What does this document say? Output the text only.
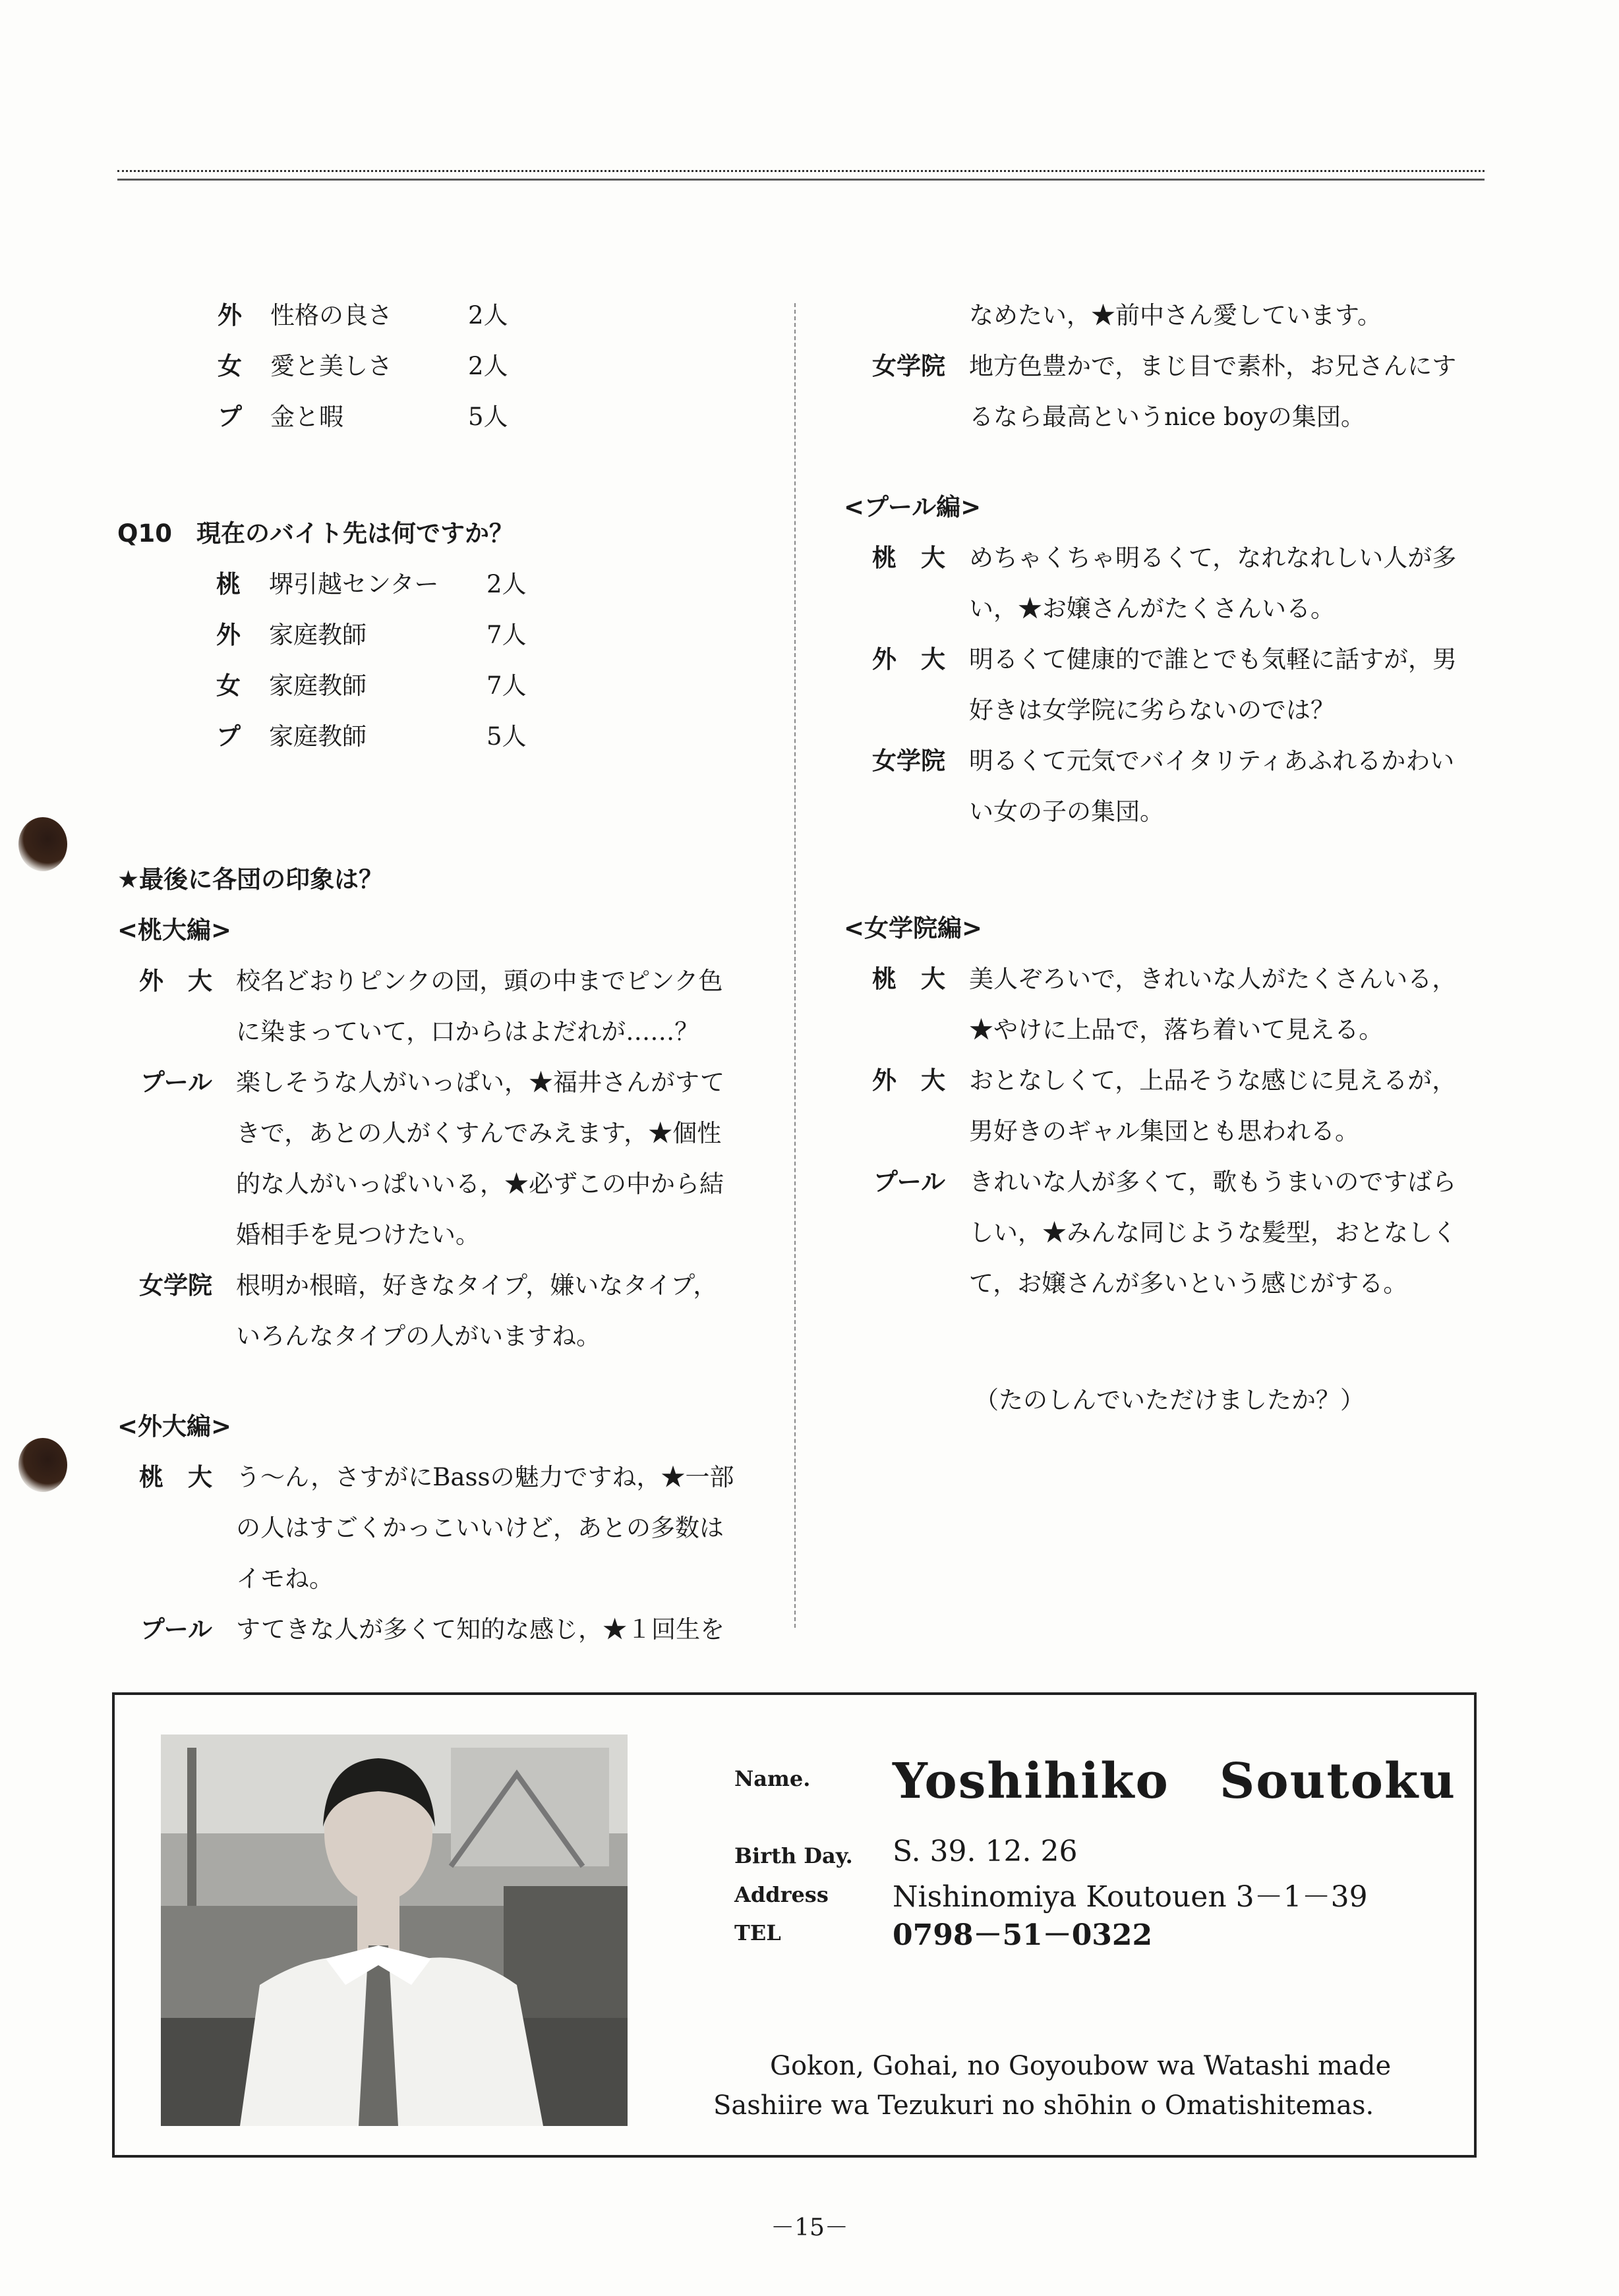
外	性格の良さ	2人
女	愛と美しさ	2人
プ	金と暇	5人
Q10　現在のバイト先は何ですか？
桃	堺引越センター	2人
外	家庭教師	7人
女	家庭教師	7人
プ	家庭教師	5人
★最後に各団の印象は？
<桃大編>
外　大 校名どおりピンクの団，頭の中までピンク色
に染まっていて，口からはよだれが……？
プール 楽しそうな人がいっぱい，★福井さんがすて
きで，あとの人がくすんでみえます，★個性
的な人がいっぱいいる，★必ずこの中から結
婚相手を見つけたい。
女学院 根明か根暗，好きなタイプ，嫌いなタイプ，
いろんなタイプの人がいますね。
<外大編>
桃　大 う～ん，さすがにBassの魅力ですね，★一部
の人はすごくかっこいいけど，あとの多数は
イモね。
プール すてきな人が多くて知的な感じ，★１回生を
なめたい，★前中さん愛しています。
女学院 地方色豊かで，まじ目で素朴，お兄さんにす
るなら最高というnice boyの集団。
<プール編>
桃　大 めちゃくちゃ明るくて，なれなれしい人が多
い，★お嬢さんがたくさんいる。
外　大 明るくて健康的で誰とでも気軽に話すが，男
好きは女学院に劣らないのでは？
女学院 明るくて元気でバイタリティあふれるかわい
い女の子の集団。
<女学院編>
桃　大 美人ぞろいで，きれいな人がたくさんいる，
★やけに上品で，落ち着いて見える。
外　大 おとなしくて，上品そうな感じに見えるが，
男好きのギャル集団とも思われる。
プール きれいな人が多くて，歌もうまいのですばら
しい，★みんな同じような髪型，おとなしく
て，お嬢さんが多いという感じがする。
（たのしんでいただけましたか？）
Name. Yoshihiko　Soutoku
Birth Day. S. 39. 12. 26
Address Nishinomiya Koutouen 3－1－39
TEL	0798－51－0322
Gokon, Gohai, no Goyoubow wa Watashi made
Sashiire wa Tezukuri no shōhin o Omatishitemas.
－15－
